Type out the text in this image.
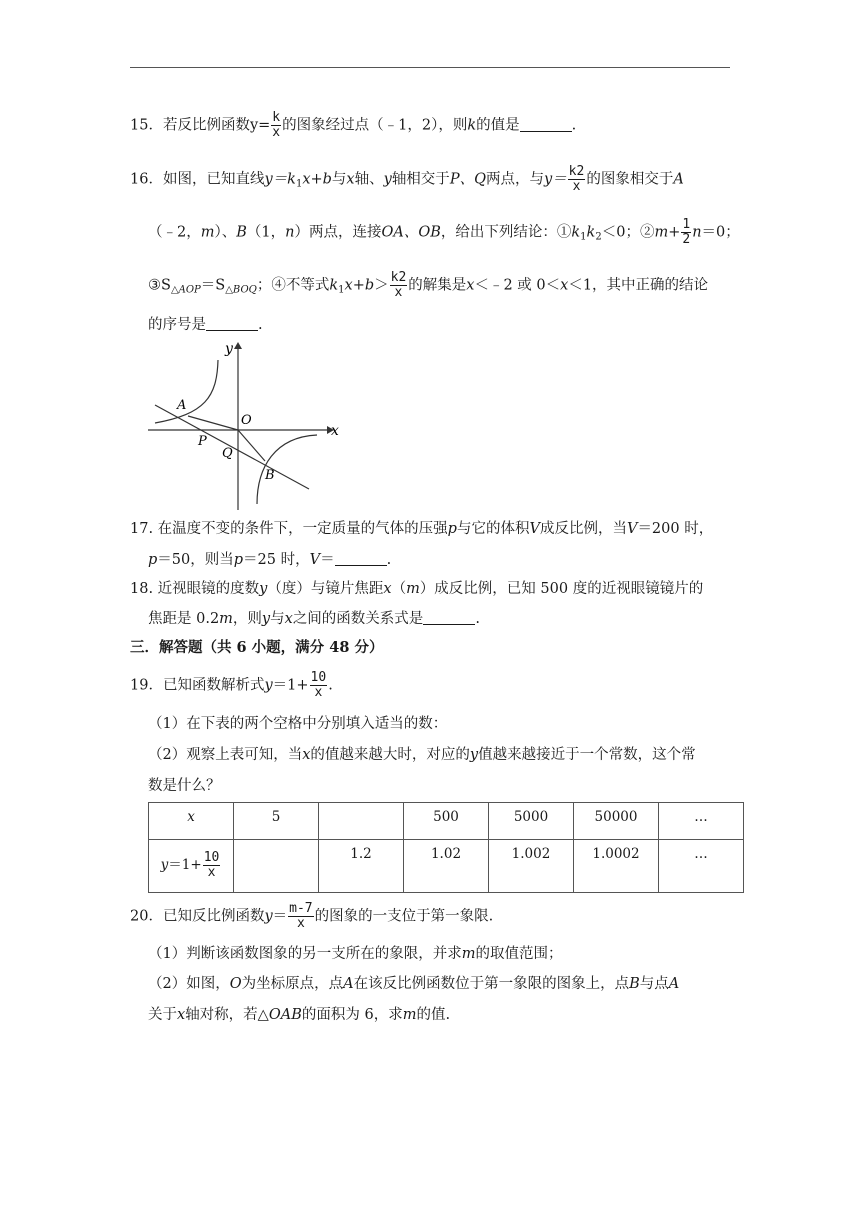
15．若反比例函数$y= \frac{k}{x}$ 的图象经过点（﹣1，2），则k的值是	.
16．如图，已知直线$y=k_1x+b$与x轴、y轴相交于P、Q两点，与$y= \frac{k2}{x}$ 的图象相交于A
（﹣2，m）、B（1，n）两点，连接OA、OB，给出下列结论：$①k_1k_2<0$；②m+ $\frac{1}{2} n=0$；
$③S_{\triangle AOP}=S_{\triangle BOQ}$；④不等式$k_1x+b> \frac{k2}{x}$ 的解集是x＜﹣2 或 0＜x＜1，其中正确的结论
的序号是	.
y
x
A
O
P
Q
B
17. 在温度不变的条件下，一定质量的气体的压强p与它的体积V成反比例，当V＝200 时，
p＝50，则当p＝25 时，V＝	.
18. 近视眼镜的度数y（度）与镜片焦距x（m）成反比例，已知 500 度的近视眼镜镜片的
焦距是 0.2m，则y与x之间的函数关系式是	.
三．解答题（共 6 小题，满分 48 分）
19．已知函数解析式$y=1+ \frac{10}{x}$ .
（1）在下表的两个空格中分别填入适当的数：
（2）观察上表可知，当x的值越来越大时，对应的y值越来越接近于一个常数，这个常
数是什么？
x	5		500	5000	50000	…
$y=1+ \frac{10}{x}$		1.2	1.02	1.002	1.0002	…
20．已知反比例函数$y= \frac{m-7}{x}$ 的图象的一支位于第一象限.
（1）判断该函数图象的另一支所在的象限，并求m的取值范围；
（2）如图，O为坐标原点，点A在该反比例函数位于第一象限的图象上，点B与点A
关于x轴对称，若△OAB的面积为 6，求m的值.
